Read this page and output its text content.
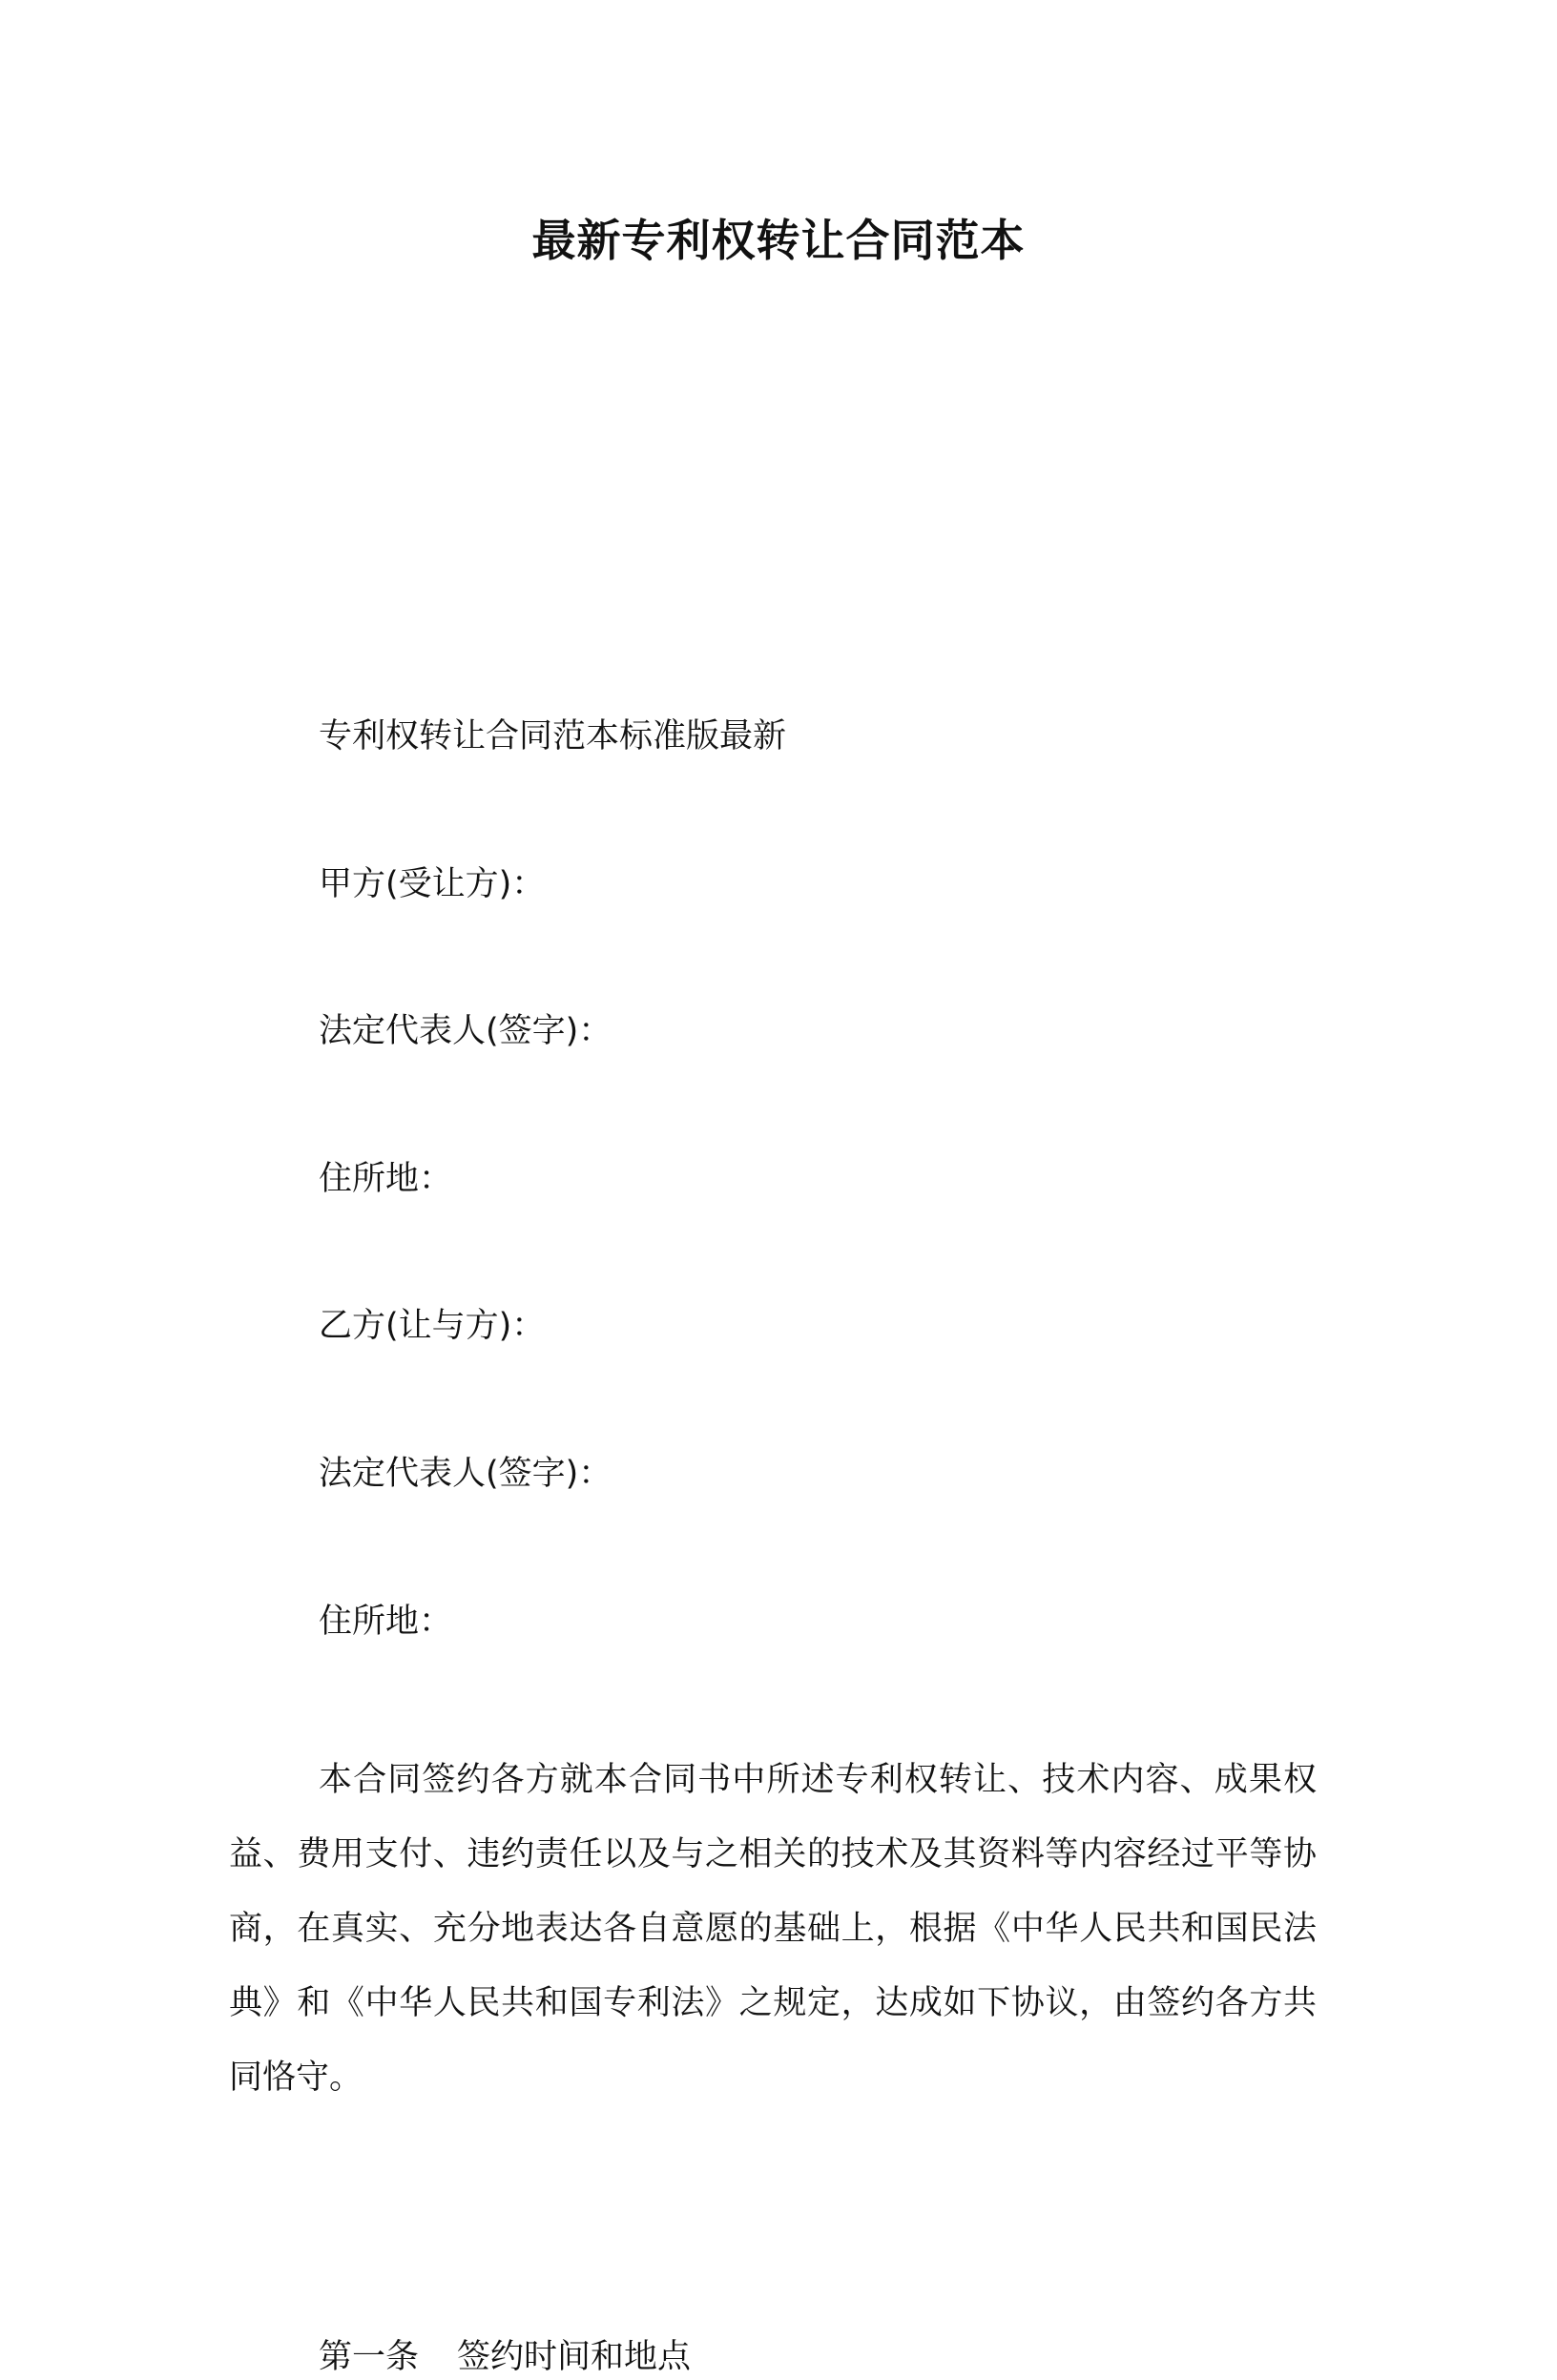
最新专利权转让合同范本
专利权转让合同范本标准版最新
甲方(受让方)：
法定代表人(签字)：
住所地：
乙方(让与方)：
法定代表人(签字)：
住所地：
本合同签约各方就本合同书中所述专利权转让、技术内容、成果权益、费用支付、违约责任以及与之相关的技术及其资料等内容经过平等协商，在真实、充分地表达各自意愿的基础上，根据《中华人民共和国民法典》和《中华人民共和国专利法》之规定，达成如下协议，由签约各方共同恪守。
第一条 签约时间和地点
